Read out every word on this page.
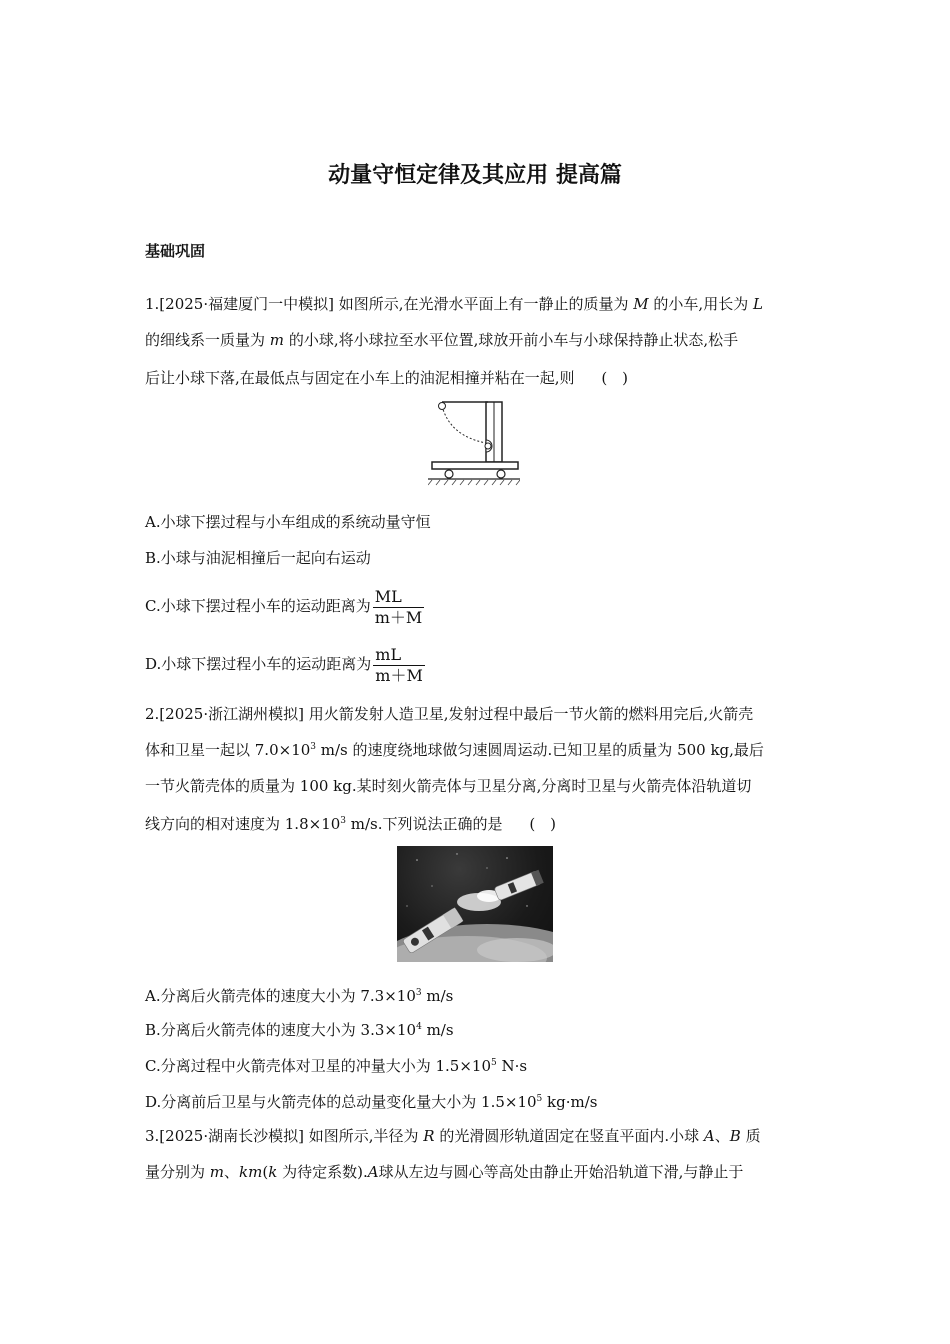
动量守恒定律及其应用 提高篇
基础巩固
1.[2025·福建厦门一中模拟] 如图所示,在光滑水平面上有一静止的质量为 M 的小车,用长为 L
的细线系一质量为 m 的小球,将小球拉至水平位置,球放开前小车与小球保持静止状态,松手
后让小球下落,在最低点与固定在小车上的油泥相撞并粘在一起,则 (　)
A.小球下摆过程与小车组成的系统动量守恒
B.小球与油泥相撞后一起向右运动
C.小球下摆过程小车的运动距离为 $\frac{ML}{m+M}$
D.小球下摆过程小车的运动距离为 $\frac{mL}{m+M}$
2.[2025·浙江湖州模拟] 用火箭发射人造卫星,发射过程中最后一节火箭的燃料用完后,火箭壳
体和卫星一起以 $7.0\times 10^3$ m/s 的速度绕地球做匀速圆周运动.已知卫星的质量为 500 kg,最后
一节火箭壳体的质量为 100 kg.某时刻火箭壳体与卫星分离,分离时卫星与火箭壳体沿轨道切
线方向的相对速度为 $1.8\times 10^3$ m/s.下列说法正确的是 (　)
A.分离后火箭壳体的速度大小为 $7.3\times 10^3$ m/s
B.分离后火箭壳体的速度大小为 $3.3\times 10^4$ m/s
C.分离过程中火箭壳体对卫星的冲量大小为 $1.5\times 10^5$ N·s
D.分离前后卫星与火箭壳体的总动量变化量大小为 $1.5\times 10^5$ kg·m/s
3.[2025·湖南长沙模拟] 如图所示,半径为 R 的光滑圆形轨道固定在竖直平面内.小球 A、B 质
量分别为 m、km(k 为待定系数).A球从左边与圆心等高处由静止开始沿轨道下滑,与静止于
